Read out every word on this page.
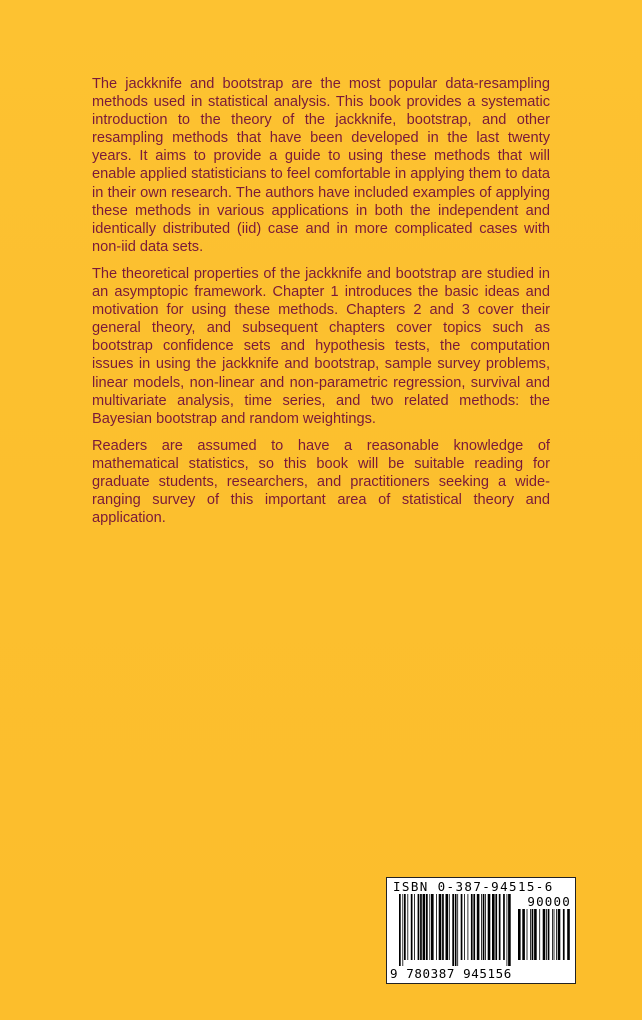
The jackknife and bootstrap are the most popular data-resampling methods used in statistical analysis. This book provides a systematic introduction to the theory of the jackknife, bootstrap, and other resampling methods that have been developed in the last twenty years. It aims to provide a guide to using these methods that will enable applied statisticians to feel comfortable in applying them to data in their own research. The authors have included examples of applying these methods in various applications in both the independent and identically distributed (iid) case and in more complicated cases with non-iid data sets.

The theoretical properties of the jackknife and bootstrap are studied in an asymptopic framework. Chapter 1 introduces the basic ideas and motivation for using these methods. Chapters 2 and 3 cover their general theory, and subsequent chapters cover topics such as bootstrap confidence sets and hypothesis tests, the computation issues in using the jackknife and bootstrap, sample survey problems, linear models, non-linear and non-parametric regression, survival and multivariate analysis, time series, and two related methods: the Bayesian bootstrap and random weightings.

Readers are assumed to have a reasonable knowledge of mathematical statistics, so this book will be suitable reading for graduate students, researchers, and practitioners seeking a wide-ranging survey of this important area of statistical theory and application.

ISBN 0-387-94515-6
90000
9 780387 945156
